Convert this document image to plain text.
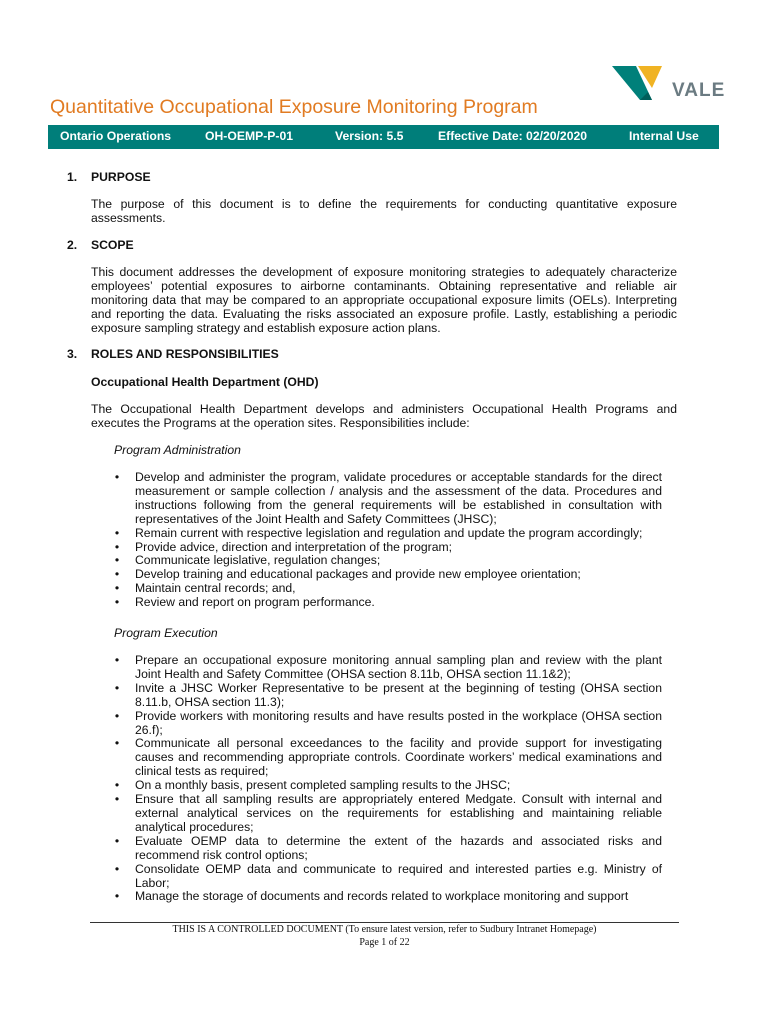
VALE
Quantitative Occupational Exposure Monitoring Program
Ontario Operations	OH-OEMP-P-01	Version: 5.5	Effective Date: 02/20/2020	Internal Use
1. PURPOSE

The purpose of this document is to define the requirements for conducting quantitative exposure assessments.

2. SCOPE

This document addresses the development of exposure monitoring strategies to adequately characterize employees’ potential exposures to airborne contaminants. Obtaining representative and reliable air monitoring data that may be compared to an appropriate occupational exposure limits (OELs). Interpreting and reporting the data. Evaluating the risks associated an exposure profile. Lastly, establishing a periodic exposure sampling strategy and establish exposure action plans.

3. ROLES AND RESPONSIBILITIES
Occupational Health Department (OHD)

The Occupational Health Department develops and administers Occupational Health Programs and executes the Programs at the operation sites. Responsibilities include:

Program Administration
• Develop and administer the program, validate procedures or acceptable standards for the direct measurement or sample collection / analysis and the assessment of the data. Procedures and instructions following from the general requirements will be established in consultation with representatives of the Joint Health and Safety Committees (JHSC);
• Remain current with respective legislation and regulation and update the program accordingly;
• Provide advice, direction and interpretation of the program;
• Communicate legislative, regulation changes;
• Develop training and educational packages and provide new employee orientation;
• Maintain central records; and,
• Review and report on program performance.
Program Execution
• Prepare an occupational exposure monitoring annual sampling plan and review with the plant Joint Health and Safety Committee (OHSA section 8.11b, OHSA section 11.1&2);
• Invite a JHSC Worker Representative to be present at the beginning of testing (OHSA section 8.11.b, OHSA section 11.3);
• Provide workers with monitoring results and have results posted in the workplace (OHSA section 26.f);
• Communicate all personal exceedances to the facility and provide support for investigating causes and recommending appropriate controls. Coordinate workers’ medical examinations and clinical tests as required;
• On a monthly basis, present completed sampling results to the JHSC;
• Ensure that all sampling results are appropriately entered Medgate. Consult with internal and external analytical services on the requirements for establishing and maintaining reliable analytical procedures;
• Evaluate OEMP data to determine the extent of the hazards and associated risks and recommend risk control options;
• Consolidate OEMP data and communicate to required and interested parties e.g. Ministry of Labor;
• Manage the storage of documents and records related to workplace monitoring and support
THIS IS A CONTROLLED DOCUMENT (To ensure latest version, refer to Sudbury Intranet Homepage)
Page 1 of 22
